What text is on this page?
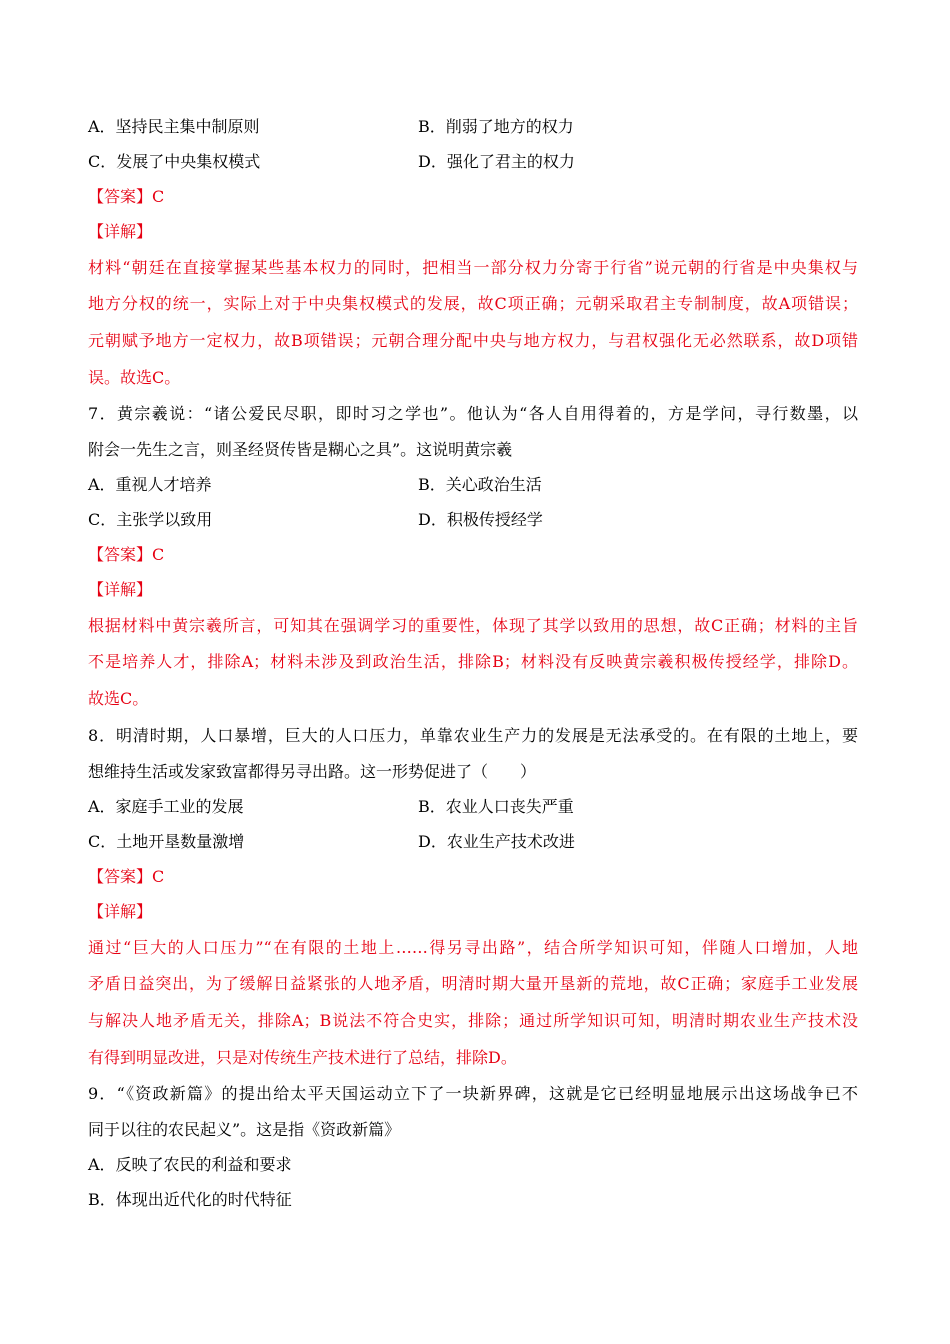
A．坚持民主集中制原则	B．削弱了地方的权力
C．发展了中央集权模式	D．强化了君主的权力
【答案】C
【详解】
材料“朝廷在直接掌握某些基本权力的同时，把相当一部分权力分寄于行省”说元朝的行省是中央集权与
地方分权的统一，实际上对于中央集权模式的发展，故C项正确；元朝采取君主专制制度，故A项错误；
元朝赋予地方一定权力，故B项错误；元朝合理分配中央与地方权力，与君权强化无必然联系，故D项错
误。故选C。
7．黄宗羲说：“诸公爱民尽职，即时习之学也”。他认为“各人自用得着的，方是学问，寻行数墨，以
附会一先生之言，则圣经贤传皆是糊心之具”。这说明黄宗羲
A．重视人才培养	B．关心政治生活
C．主张学以致用	D．积极传授经学
【答案】C
【详解】
根据材料中黄宗羲所言，可知其在强调学习的重要性，体现了其学以致用的思想，故C正确；材料的主旨
不是培养人才，排除A；材料未涉及到政治生活，排除B；材料没有反映黄宗羲积极传授经学，排除D。
故选C。
8．明清时期，人口暴增，巨大的人口压力，单靠农业生产力的发展是无法承受的。在有限的土地上，要
想维持生活或发家致富都得另寻出路。这一形势促进了（　　）
A．家庭手工业的发展	B．农业人口丧失严重
C．土地开垦数量激增	D．农业生产技术改进
【答案】C
【详解】
通过“巨大的人口压力”“在有限的土地上……得另寻出路”，结合所学知识可知，伴随人口增加，人地
矛盾日益突出，为了缓解日益紧张的人地矛盾，明清时期大量开垦新的荒地，故C正确；家庭手工业发展
与解决人地矛盾无关，排除A；B说法不符合史实，排除；通过所学知识可知，明清时期农业生产技术没
有得到明显改进，只是对传统生产技术进行了总结，排除D。
9．“《资政新篇》的提出给太平天国运动立下了一块新界碑，这就是它已经明显地展示出这场战争已不
同于以往的农民起义”。这是指《资政新篇》
A．反映了农民的利益和要求
B．体现出近代化的时代特征
